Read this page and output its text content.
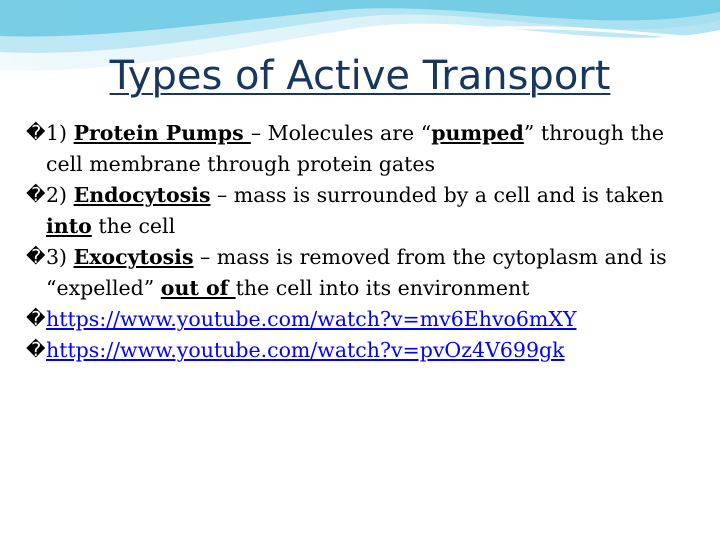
Types of Active Transport

� 1) Protein Pumps – Molecules are “pumped” through the cell membrane through protein gates

� 2) Endocytosis – mass is surrounded by a cell and is taken into the cell

� 3) Exocytosis – mass is removed from the cytoplasm and is “expelled” out of the cell into its environment

� https://www.youtube.com/watch?v=mv6Ehvo6mXY

� https://www.youtube.com/watch?v=pvOz4V699gk
